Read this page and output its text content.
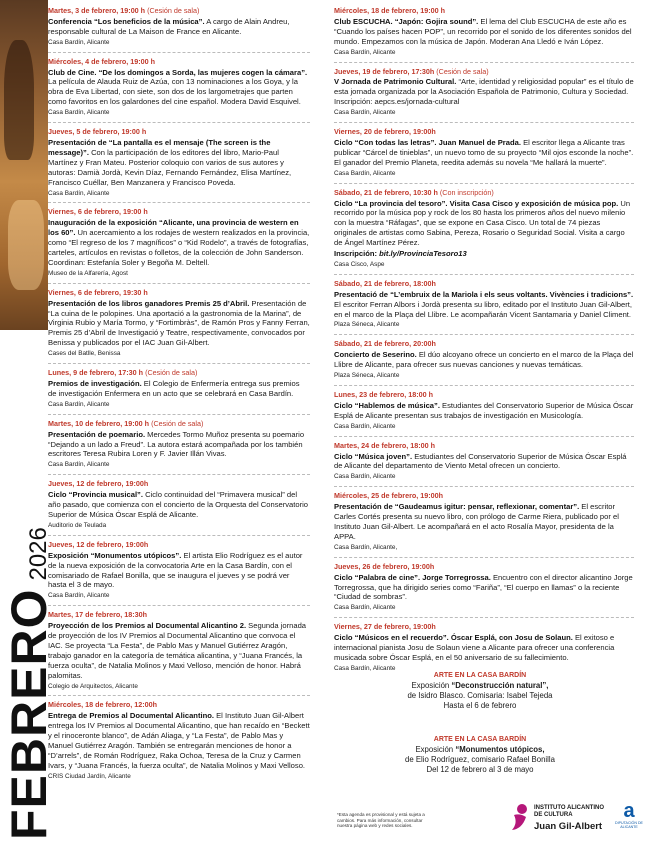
FEBRERO2026
Martes, 3 de febrero, 19:00 h (Cesión de sala)
Conferencia “Los beneficios de la música”. A cargo de Alain Andreu, responsable cultural de La Maison de France en Alicante.
Casa Bardín, Alicante
Miércoles, 4 de febrero, 19:00 h
Club de Cine. “De los domingos a Sorda, las mujeres cogen la cámara”. La película de Alauda Ruiz de Azúa, con 13 nominaciones a los Goya, y la obra de Eva Libertad, con siete, son dos de los largometrajes que parten como favoritos en los galardones del cine español. Modera David Esquivel.
Casa Bardín, Alicante
Jueves, 5 de febrero, 19:00 h
Presentación de “La pantalla es el mensaje (The screen is the message)”. Con la participación de los editores del libro, Mario-Paul Martínez y Fran Mateu. Posterior coloquio con varios de sus autores y autoras: Damià Jordà, Kevin Díaz, Fernando Fernández, Elisa Martínez, Francisco Cuéllar, Ben Manzanera y Francisco Poveda.
Casa Bardín, Alicante
Viernes, 6 de febrero, 19:00 h
Inauguración de la exposición “Alicante, una provincia de western en los 60”. Un acercamiento a los rodajes de western realizados en la provincia, como “El regreso de los 7 magníficos” o “Kid Rodelo”, a través de fotografías, carteles, artículos en revistas o folletos, de la colección de John Sanderson. Coordinan: Estefanía Soler y Begoña M. Deltell.
Museo de la Alfarería, Agost
Viernes, 6 de febrero, 19:30 h
Presentación de los libros ganadores Premis 25 d’Abril. Presentación de “La cuina de le polopines. Una aportació a la gastronomia de la Marina”, de Virginia Rubio y María Tormo, y “Fortimbràs”, de Ramón Pros y Fanny Ferran, Premis 25 d’Abril de Investigació y Teatre, respectivamente, convocados por Benissa y publicados por el IAC Juan Gil-Albert.
Cases del Batlle, Benissa
Lunes, 9 de febrero, 17:30 h (Cesión de sala)
Premios de investigación. El Colegio de Enfermería entrega sus premios de investigación Enfermera en un acto que se celebrará en Casa Bardín.
Casa Bardín, Alicante
Martes, 10 de febrero, 19:00 h (Cesión de sala)
Presentación de poemario. Mercedes Tormo Muñoz presenta su poemario “Dejando a un lado a Freud”. La autora estará acompañada por los también escritores Teresa Rubira Loren y F. Javier Illán Vivas.
Casa Bardín, Alicante
Jueves, 12 de febrero, 19:00h
Ciclo “Provincia musical”. Ciclo continuidad del “Primavera musical” del año pasado, que comienza con el concierto de la Orquesta del Conservatorio Superior de Música Óscar Esplá de Alicante.
Auditorio de Teulada
Jueves, 12 de febrero, 19:00h
Exposición “Monumentos utópicos”. El artista Elio Rodríguez es el autor de la nueva exposición de la convocatoria Arte en la Casa Bardín, con el comisariado de Rafael Bonilla, que se inaugura el jueves y se podrá ver hasta el 3 de mayo.
Casa Bardín, Alicante
Martes, 17 de febrero, 18:30h
Proyección de los Premios al Documental Alicantino 2. Segunda jornada de proyección de los IV Premios al Documental Alicantino que convoca el IAC. Se proyecta “La Festa”, de Pablo Mas y Manuel Gutiérrez Aragón, trabajo ganador en la categoría de temática alicantina, y “Juana Francés, la fuerza oculta”, de Natalia Molinos y Maxi Velloso, mención de honor. Habrá palomitas.
Colegio de Arquitectos, Alicante
Miércoles, 18 de febrero, 12:00h
Entrega de Premios al Documental Alicantino. El Instituto Juan Gil-Albert entrega los IV Premios al Documental Alicantino, que han recaído en “Beckett y el rinoceronte blanco”, de Adán Aliaga, y “La Festa”, de Pablo Mas y Manuel Gutiérrez Aragón. También se entregarán menciones de honor a “D’arrels”, de Román Rodríguez, Raka Ochoa, Teresa de la Cruz y Carmen Ivars, y “Juana Francés, la fuerza oculta”, de Natalia Molinos y Maxi Velloso.
CRIS Ciudad Jardín, Alicante
Miércoles, 18 de febrero, 19:00 h
Club ESCUCHA. “Japón: Gojira sound”. El lema del Club ESCUCHA de este año es “Cuando los países hacen POP”, un recorrido por el sonido de los diferentes sonidos del mundo. Empezamos con la música de Japón. Moderan Ana Lledó e Iván López.
Casa Bardín, Alicante
Jueves, 19 de febrero, 17:30h (Cesión de sala)
V Jornada de Patrimonio Cultural. “Arte, identidad y religiosidad popular” es el título de esta jornada organizada por la Asociación Española de Patrimonio, Cultura y Sociedad. Inscripción: aepcs.es/jornada-cultural
Casa Bardín, Alicante
Viernes, 20 de febrero, 19:00h
Ciclo “Con todas las letras”. Juan Manuel de Prada. El escritor llega a Alicante tras publicar “Cárcel de tinieblas”, un nuevo tomo de su proyecto “Mil ojos esconde la noche”. El ganador del Premio Planeta, reedita además su novela “Me hallará la muerte”.
Casa Bardín, Alicante
Sábado, 21 de febrero, 10:30 h (Con inscripción)
Ciclo “La provincia del tesoro”. Visita Casa Cisco y exposición de música pop. Un recorrido por la música pop y rock de los 80 hasta los primeros años del nuevo milenio con la muestra “Ráfagas”, que se expone en Casa Cisco. Un total de 74 piezas originales de artistas como Sabina, Pereza, Rosario o Seguridad Social. Visita a cargo de Ángel Martínez Pérez.
Inscripción: bit.ly/ProvinciaTesoro13
Casa Cisco, Aspe
Sábado, 21 de febrero, 18:00h
Presentació de “L’embruix de la Mariola i els seus voltants. Vivències i tradicions”. El escritor Ferran Albors i Jordà presenta su libro, editado por el Instituto Juan Gil-Albert, en el marco de la Plaça del Llibre. Le acompañarán Vicent Santamaria y Daniel Climent.
Plaza Séneca, Alicante
Sábado, 21 de febrero, 20:00h
Concierto de Seserino. El dúo alcoyano ofrece un concierto en el marco de la Plaça del Llibre de Alicante, para ofrecer sus nuevas canciones y nuevas temáticas.
Plaza Séneca, Alicante
Lunes, 23 de febrero, 18:00 h
Ciclo “Hablemos de música”. Estudiantes del Conservatorio Superior de Música Óscar Esplá de Alicante presentan sus trabajos de investigación en Musicología.
Casa Bardín, Alicante
Martes, 24 de febrero, 18:00 h
Ciclo “Música joven”. Estudiantes del Conservatorio Superior de Música Óscar Esplá de Alicante del departamento de Viento Metal ofrecen un concierto.
Casa Bardín, Alicante
Miércoles, 25 de febrero, 19:00h
Presentación de “Gaudeamus igitur: pensar, reflexionar, comentar”. El escritor Carles Cortés presenta su nuevo libro, con prólogo de Carme Riera, publicado por el Instituto Juan Gil-Albert. Le acompañará en el acto Rosalía Mayor, presidenta de la APPA.
Casa Bardín, Alicante,
Jueves, 26 de febrero, 19:00h
Ciclo “Palabra de cine”. Jorge Torregrossa. Encuentro con el director alicantino Jorge Torregrossa, que ha dirigido series como “Fariña”, “El cuerpo en llamas” o la reciente “Ciudad de sombras”.
Casa Bardín, Alicante
Viernes, 27 de febrero, 19:00h
Ciclo “Músicos en el recuerdo”. Óscar Esplá, con Josu de Solaun. El exitoso e internacional pianista Josu de Solaun viene a Alicante para ofrecer una conferencia musicada sobre Óscar Esplá, en el 50 aniversario de su fallecimiento.
Casa Bardín, Alicante
ARTE EN LA CASA BARDÍN
Exposición “Deconstrucción natural”,
de Isidro Blasco. Comisaria: Isabel Tejeda
Hasta el 6 de febrero
ARTE EN LA CASA BARDÍN
Exposición “Monumentos utópicos,
de Elio Rodríguez, comisario Rafael Bonilla
Del 12 de febrero al 3 de mayo
*Esta agenda es provisional y está sujeta a cambios. Para más información, consultar nuestra página web y redes sociales.
INSTITUTO ALICANTINO DE CULTURA
Juan Gil-Albert
a
DIPUTACIÓN DE ALICANTE
